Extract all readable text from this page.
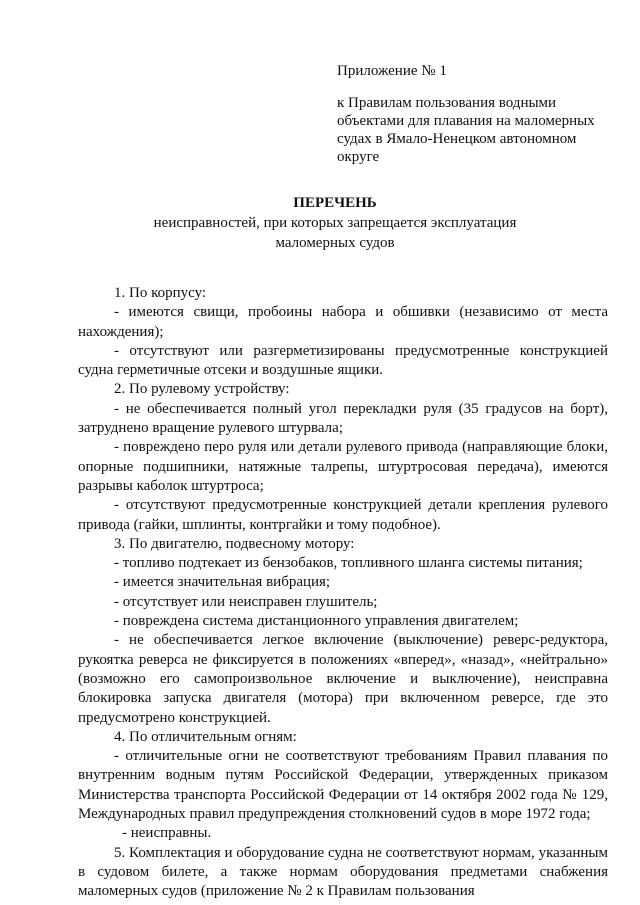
Приложение № 1
к Правилам пользования водными
объектами для плавания на маломерных
судах в Ямало-Ненецком автономном
округе
ПЕРЕЧЕНЬ
неисправностей, при которых запрещается эксплуатация
маломерных судов

1. По корпусу:

- имеются свищи, пробоины набора и обшивки (независимо от места нахождения);

- отсутствуют или разгерметизированы предусмотренные конструкцией судна герметичные отсеки и воздушные ящики.

2. По рулевому устройству:

- не обеспечивается полный угол перекладки руля (35 градусов на борт), затруднено вращение рулевого штурвала;

- повреждено перо руля или детали рулевого привода (направляющие блоки, опорные подшипники, натяжные талрепы, штуртросовая передача), имеются разрывы каболок штуртроса;

- отсутствуют предусмотренные конструкцией детали крепления рулевого привода (гайки, шплинты, контргайки и тому подобное).

3. По двигателю, подвесному мотору:

- топливо подтекает из бензобаков, топливного шланга системы питания;

- имеется значительная вибрация;

- отсутствует или неисправен глушитель;

- повреждена система дистанционного управления двигателем;

- не обеспечивается легкое включение (выключение) реверс-редуктора, рукоятка реверса не фиксируется в положениях «вперед», «назад», «нейтрально» (возможно его самопроизвольное включение и выключение), неисправна блокировка запуска двигателя (мотора) при включенном реверсе, где это предусмотрено конструкцией.

4. По отличительным огням:

- отличительные огни не соответствуют требованиям Правил плавания по внутренним водным путям Российской Федерации, утвержденных приказом Министерства транспорта Российской Федерации от 14 октября 2002 года № 129, Международных правил предупреждения столкновений судов в море 1972 года;

- неисправны.

5. Комплектация и оборудование судна не соответствуют нормам, указанным в судовом билете, а также нормам оборудования предметами снабжения маломерных судов (приложение № 2 к Правилам пользования
